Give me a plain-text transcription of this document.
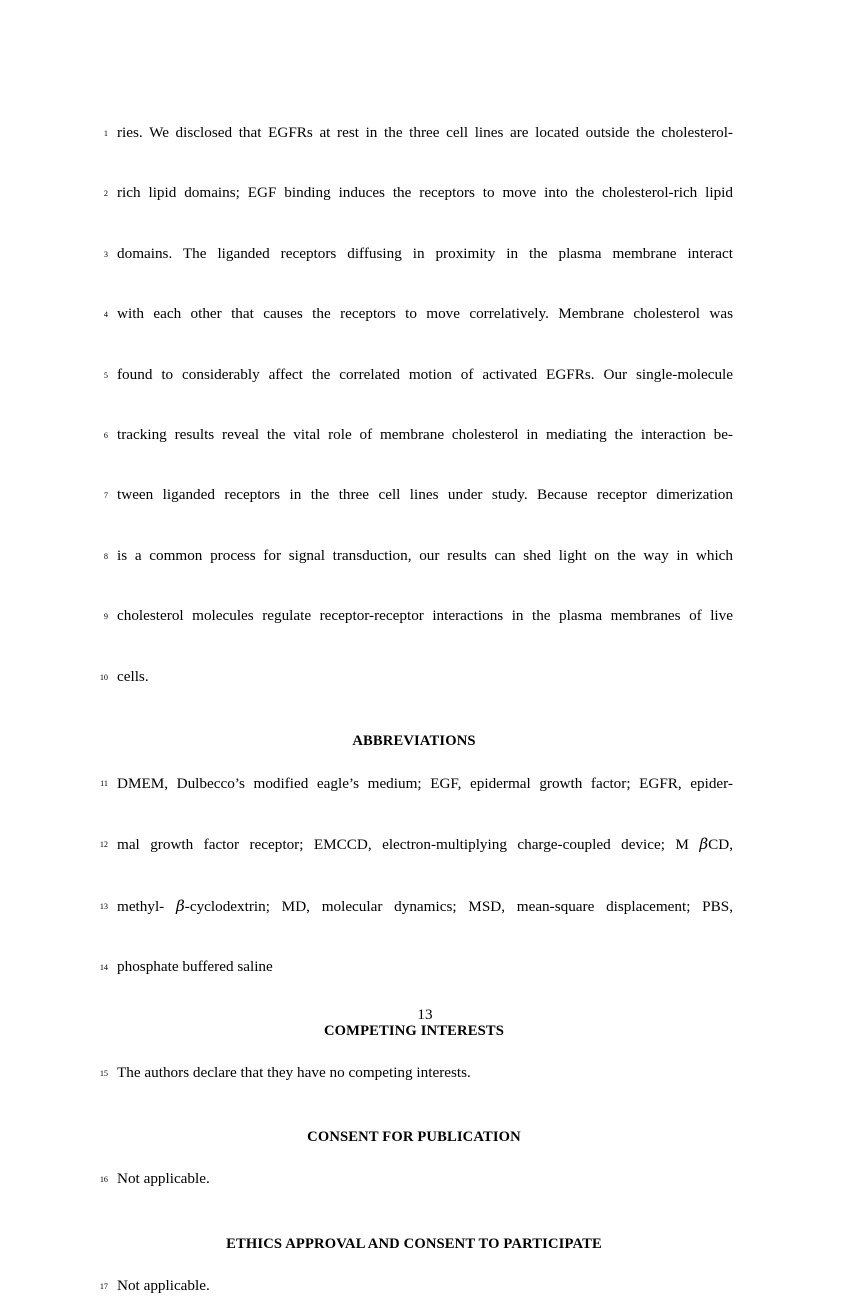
1 ries. We disclosed that EGFRs at rest in the three cell lines are located outside the cholesterol-
2 rich lipid domains; EGF binding induces the receptors to move into the cholesterol-rich lipid
3 domains. The liganded receptors diffusing in proximity in the plasma membrane interact
4 with each other that causes the receptors to move correlatively. Membrane cholesterol was
5 found to considerably affect the correlated motion of activated EGFRs. Our single-molecule
6 tracking results reveal the vital role of membrane cholesterol in mediating the interaction be-
7 tween liganded receptors in the three cell lines under study. Because receptor dimerization
8 is a common process for signal transduction, our results can shed light on the way in which
9 cholesterol molecules regulate receptor-receptor interactions in the plasma membranes of live
10 cells.
ABBREVIATIONS
11 DMEM, Dulbecco’s modified eagle’s medium; EGF, epidermal growth factor; EGFR, epider-
12 mal growth factor receptor; EMCCD, electron-multiplying charge-coupled device; M βCD,
13 methyl- β-cyclodextrin; MD, molecular dynamics; MSD, mean-square displacement; PBS,
14 phosphate buffered saline
COMPETING INTERESTS
15 The authors declare that they have no competing interests.
CONSENT FOR PUBLICATION
16 Not applicable.
ETHICS APPROVAL AND CONSENT TO PARTICIPATE
17 Not applicable.
13
